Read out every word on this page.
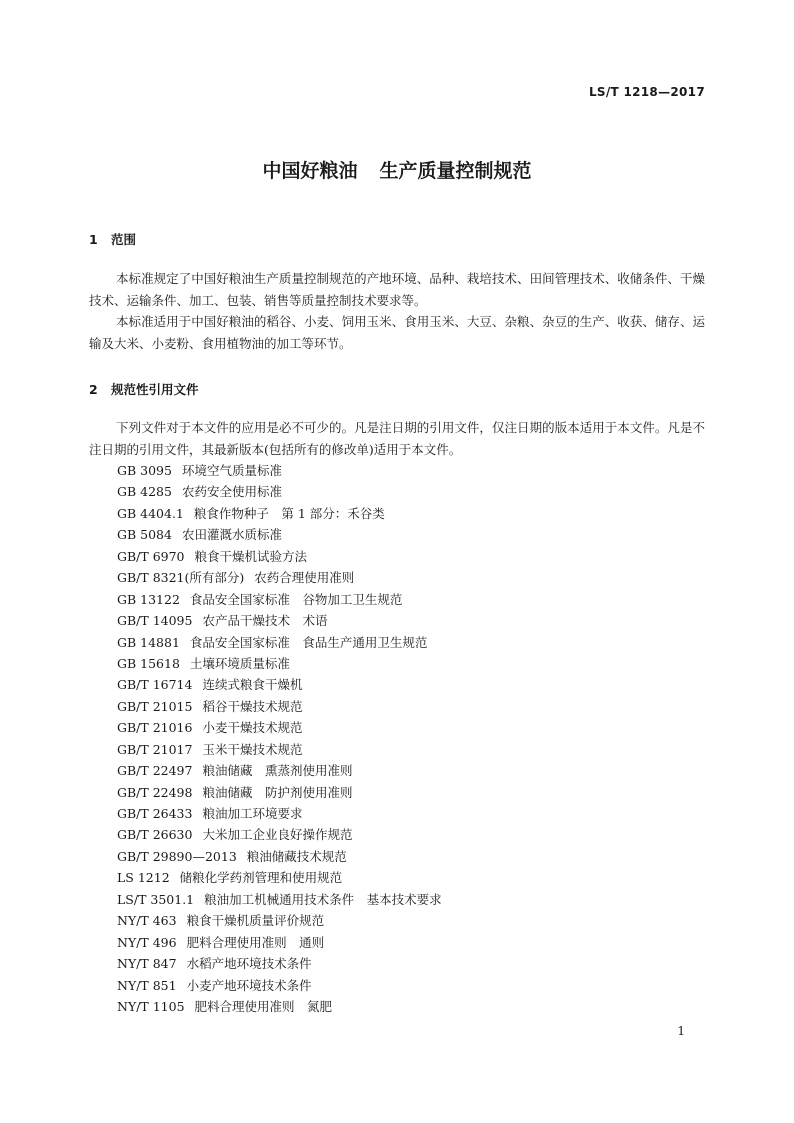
LS/T 1218—2017
中国好粮油 生产质量控制规范
1 范围

本标准规定了中国好粮油生产质量控制规范的产地环境、品种、栽培技术、田间管理技术、收储条件、干燥技术、运输条件、加工、包装、销售等质量控制技术要求等。

本标准适用于中国好粮油的稻谷、小麦、饲用玉米、食用玉米、大豆、杂粮、杂豆的生产、收获、储存、运输及大米、小麦粉、食用植物油的加工等环节。

2 规范性引用文件

下列文件对于本文件的应用是必不可少的。凡是注日期的引用文件，仅注日期的版本适用于本文件。凡是不注日期的引用文件，其最新版本(包括所有的修改单)适用于本文件。

GB 3095 环境空气质量标准
GB 4285 农药安全使用标准
GB 4404.1 粮食作物种子　第 1 部分：禾谷类
GB 5084 农田灌溉水质标准
GB/T 6970 粮食干燥机试验方法
GB/T 8321(所有部分) 农药合理使用准则
GB 13122 食品安全国家标准　谷物加工卫生规范
GB/T 14095 农产品干燥技术　术语
GB 14881 食品安全国家标准　食品生产通用卫生规范
GB 15618 土壤环境质量标准
GB/T 16714 连续式粮食干燥机
GB/T 21015 稻谷干燥技术规范
GB/T 21016 小麦干燥技术规范
GB/T 21017 玉米干燥技术规范
GB/T 22497 粮油储藏　熏蒸剂使用准则
GB/T 22498 粮油储藏　防护剂使用准则
GB/T 26433 粮油加工环境要求
GB/T 26630 大米加工企业良好操作规范
GB/T 29890—2013 粮油储藏技术规范
LS 1212 储粮化学药剂管理和使用规范
LS/T 3501.1 粮油加工机械通用技术条件　基本技术要求
NY/T 463 粮食干燥机质量评价规范
NY/T 496 肥料合理使用准则　通则
NY/T 847 水稻产地环境技术条件
NY/T 851 小麦产地环境技术条件
NY/T 1105 肥料合理使用准则　氮肥
1
